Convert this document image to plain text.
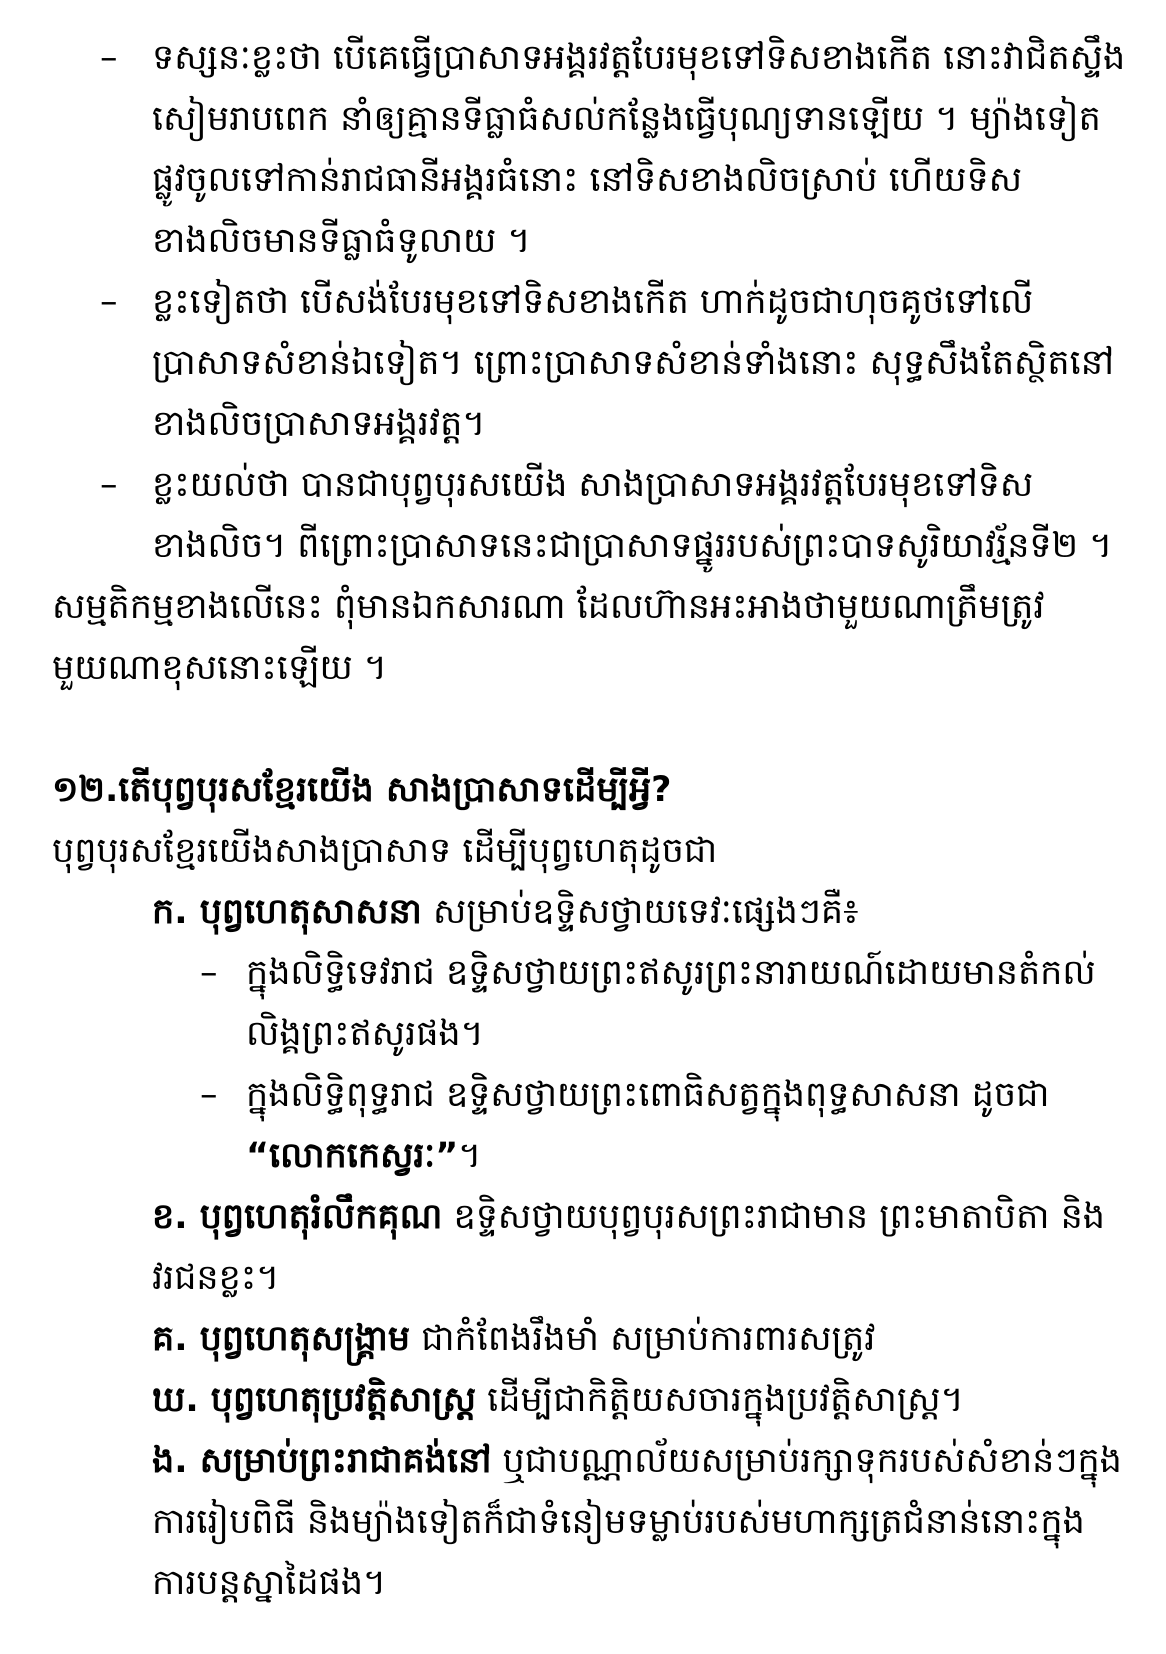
– ទស្សនៈខ្លះថា បើគេធ្វើប្រាសាទអង្គរវត្តបែរមុខទៅទិសខាងកើត នោះវាជិតស្ទឹងសៀមរាបពេក នាំឲ្យគ្មានទីធ្លាធំសល់កន្លែងធ្វើបុណ្យទានឡើយ ។ ម្យ៉ាងទៀត ផ្លូវចូលទៅកាន់រាជធានីអង្គរធំនោះ នៅទិសខាងលិចស្រាប់ ហើយទិសខាងលិចមានទីធ្លាធំទូលាយ ។
– ខ្លះទៀតថា បើសង់បែរមុខទៅទិសខាងកើត ហាក់ដូចជាហុចគូថទៅលើប្រាសាទសំខាន់ឯទៀត។ ព្រោះប្រាសាទសំខាន់ទាំងនោះ សុទ្ធសឹងតែស្ថិតនៅខាងលិចប្រាសាទអង្គរវត្ត។
– ខ្លះយល់ថា បានជាបុព្វបុរសយើង សាងប្រាសាទអង្គរវត្តបែរមុខទៅទិសខាងលិច។ ពីព្រោះប្រាសាទនេះជាប្រាសាទផ្នូររបស់ព្រះបាទសូរិយាវរ្ម័នទី២ ។
សម្មតិកម្មខាងលើនេះ ពុំមានឯកសារណា ដែលហ៊ានអះអាងថាមួយណាត្រឹមត្រូវ មួយណាខុសនោះឡើយ ។
១២.តើបុព្វបុរសខ្មែរយើង សាងប្រាសាទដើម្បីអ្វី?
បុព្វបុរសខ្មែរយើងសាងប្រាសាទ ដើម្បីបុព្វហេតុដូចជា
ក. បុព្វហេតុសាសនា សម្រាប់ឧទ្ទិសថ្វាយទេវៈផ្សេងៗគឺ៖
– ក្នុងលិទ្ធិទេវរាជ ឧទ្ទិសថ្វាយព្រះឥសូរព្រះនារាយណ៍ដោយមានតំកល់លិង្គព្រះឥសូរផង។
– ក្នុងលិទ្ធិពុទ្ធរាជ ឧទ្ទិសថ្វាយព្រះពោធិសត្វក្នុងពុទ្ធសាសនា ដូចជា “លោកកេស្វរៈ”។
ខ. បុព្វហេតុរំលឹកគុណ ឧទ្ទិសថ្វាយបុព្វបុរសព្រះរាជាមាន ព្រះមាតាបិតា និង វរជនខ្លះ។
គ. បុព្វហេតុសង្គ្រាម ជាកំពែងរឹងមាំ សម្រាប់ការពារសត្រូវ
ឃ. បុព្វហេតុប្រវត្តិសាស្ត្រ ដើម្បីជាកិត្តិយសចារក្នុងប្រវត្តិសាស្ត្រ។
ង. សម្រាប់ព្រះរាជាគង់នៅ ឬជាបណ្ណាល័យសម្រាប់រក្សាទុករបស់សំខាន់ៗក្នុងការរៀបពិធី និងម្យ៉ាងទៀតក៏ជាទំនៀមទម្លាប់របស់មហាក្សត្រជំនាន់នោះក្នុងការបន្តស្នាដៃផង។
